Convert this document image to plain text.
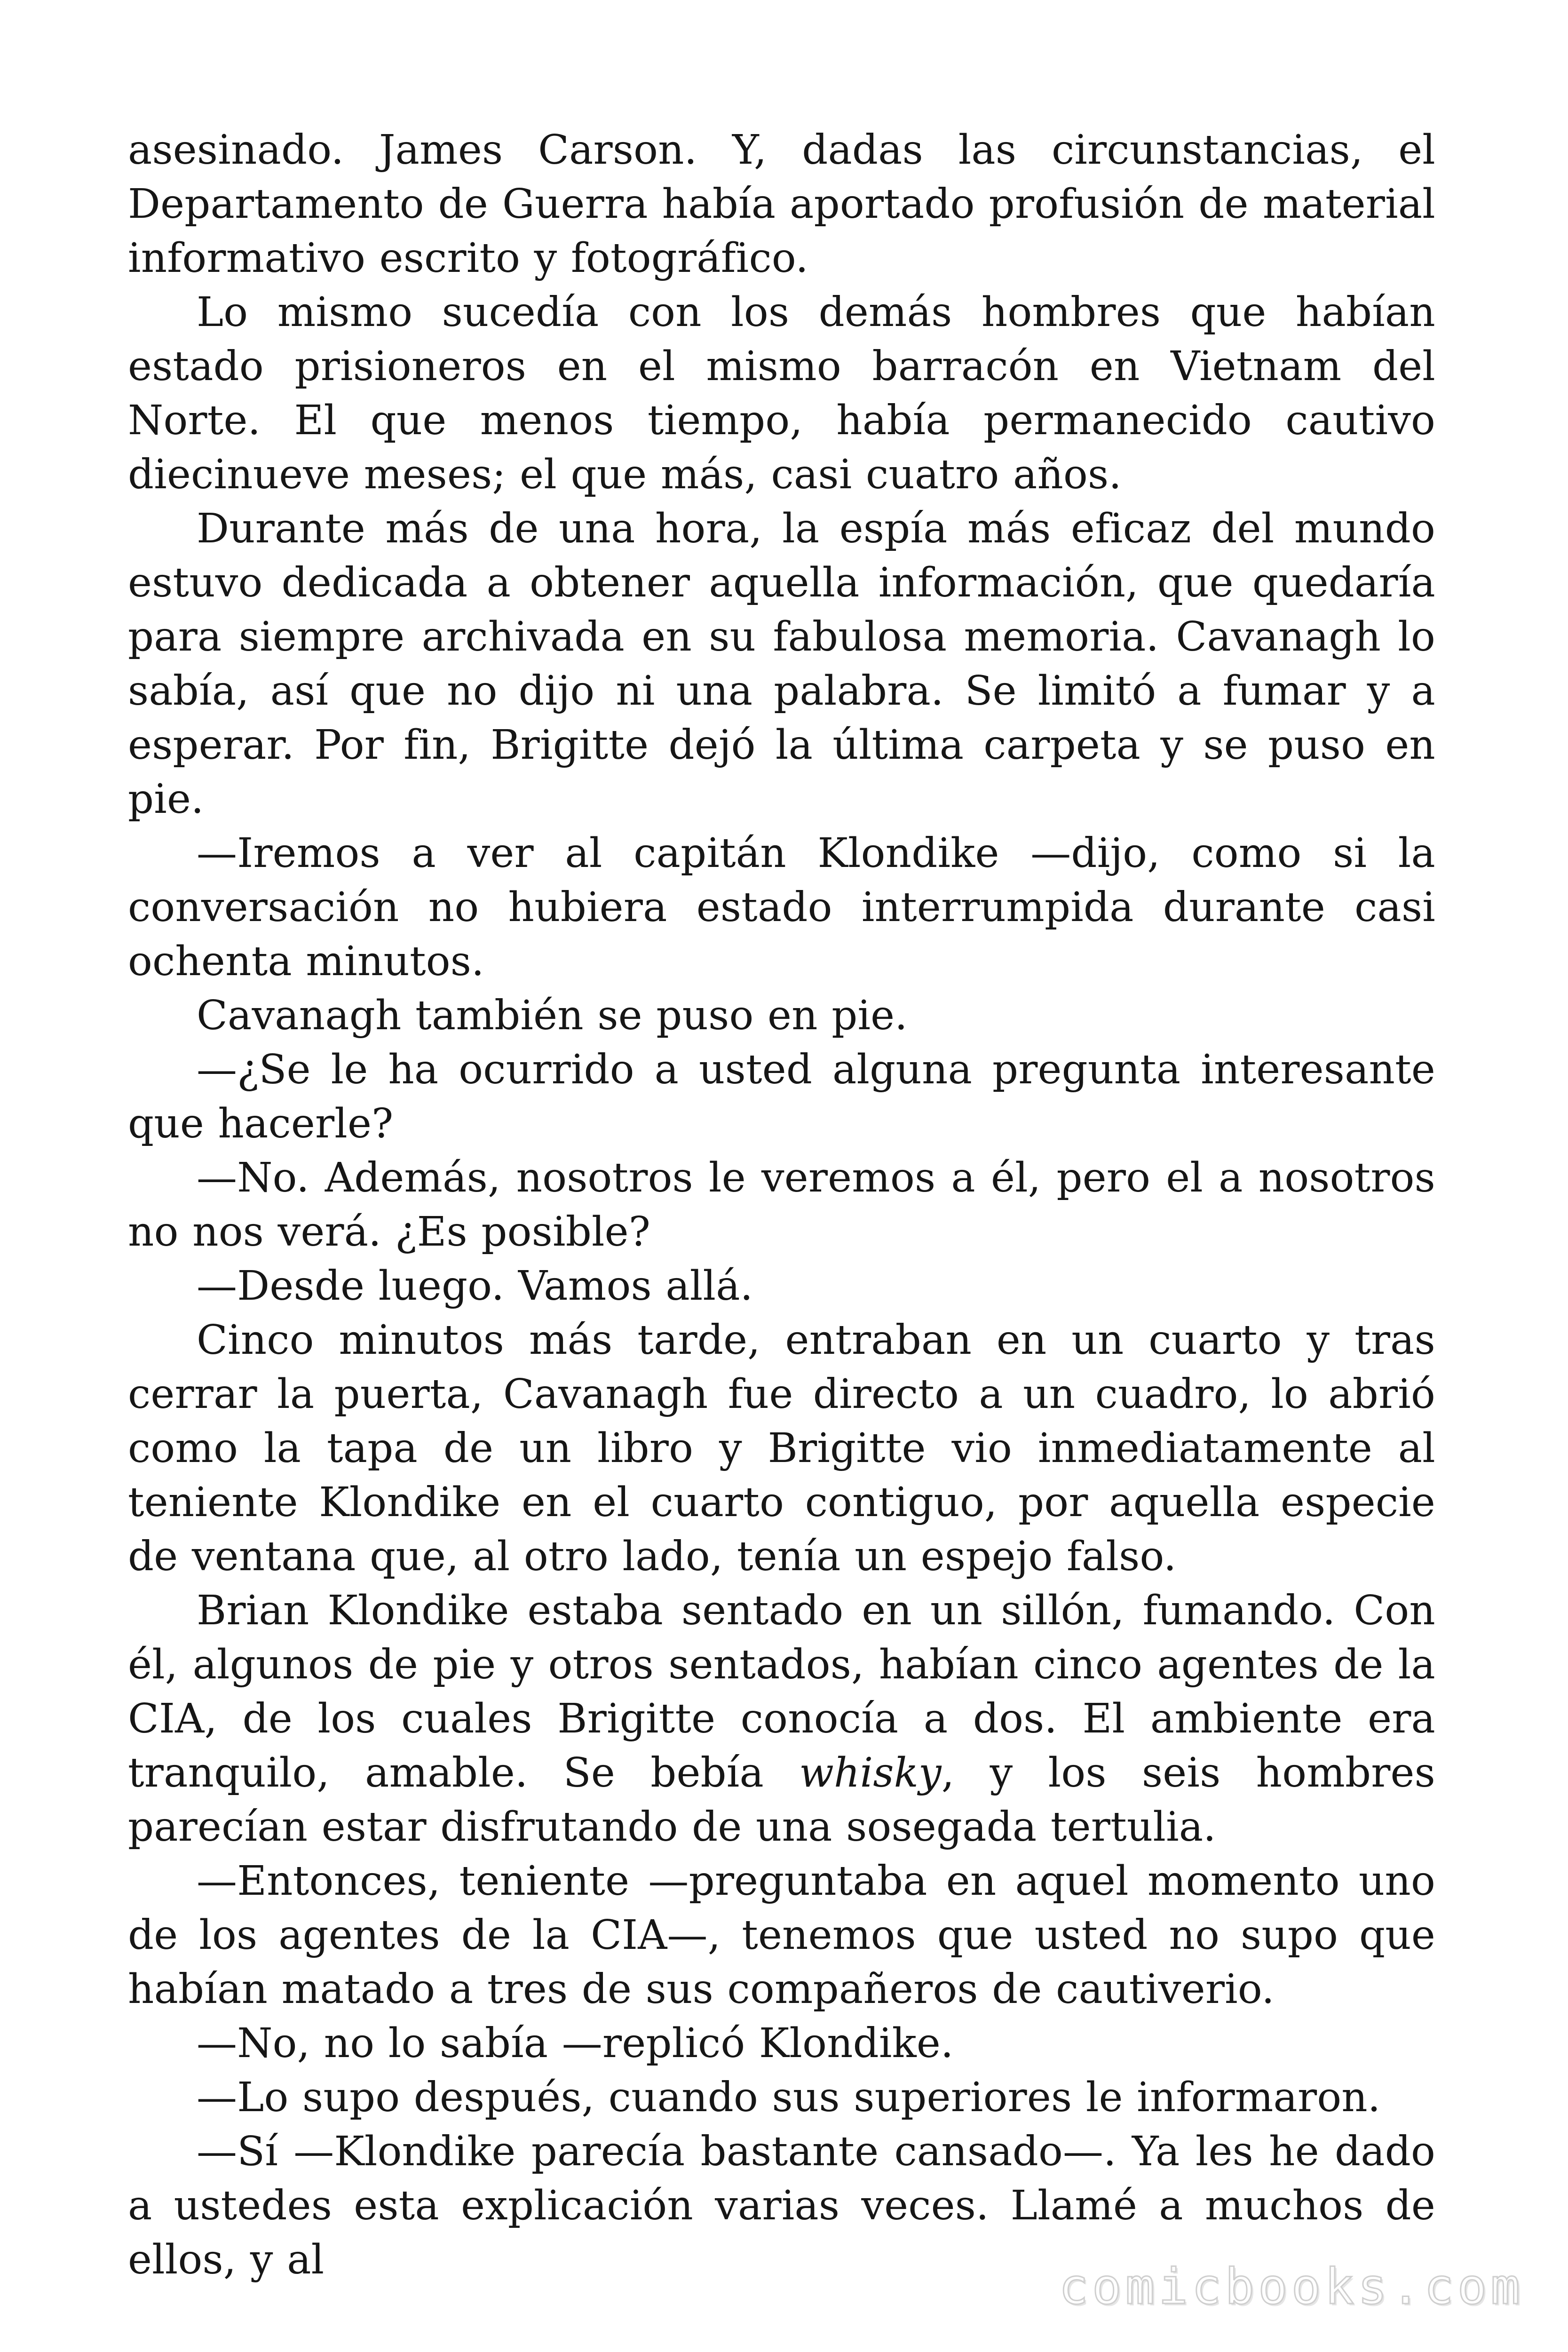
asesinado. James Carson. Y, dadas las circunstancias, el Departamento de Guerra había aportado profusión de material informativo escrito y fotográfico.

Lo mismo sucedía con los demás hombres que habían estado prisioneros en el mismo barracón en Vietnam del Norte. El que menos tiempo, había permanecido cautivo diecinueve meses; el que más, casi cuatro años.

Durante más de una hora, la espía más eficaz del mundo estuvo dedicada a obtener aquella información, que quedaría para siempre archivada en su fabulosa memoria. Cavanagh lo sabía, así que no dijo ni una palabra. Se limitó a fumar y a esperar. Por fin, Brigitte dejó la última carpeta y se puso en pie.

—Iremos a ver al capitán Klondike —dijo, como si la conversación no hubiera estado interrumpida durante casi ochenta minutos.

Cavanagh también se puso en pie.

—¿Se le ha ocurrido a usted alguna pregunta interesante que hacerle?

—No. Además, nosotros le veremos a él, pero el a nosotros no nos verá. ¿Es posible?

—Desde luego. Vamos allá.

Cinco minutos más tarde, entraban en un cuarto y tras cerrar la puerta, Cavanagh fue directo a un cuadro, lo abrió como la tapa de un libro y Brigitte vio inmediatamente al teniente Klondike en el cuarto contiguo, por aquella especie de ventana que, al otro lado, tenía un espejo falso.

Brian Klondike estaba sentado en un sillón, fumando. Con él, algunos de pie y otros sentados, habían cinco agentes de la CIA, de los cuales Brigitte conocía a dos. El ambiente era tranquilo, amable. Se bebía whisky, y los seis hombres parecían estar disfrutando de una sosegada tertulia.

—Entonces, teniente —preguntaba en aquel momento uno de los agentes de la CIA—, tenemos que usted no supo que habían matado a tres de sus compañeros de cautiverio.

—No, no lo sabía —replicó Klondike.

—Lo supo después, cuando sus superiores le informaron.

—Sí —Klondike parecía bastante cansado—. Ya les he dado a ustedes esta explicación varias veces. Llamé a muchos de ellos, y al	comicbooks.com
